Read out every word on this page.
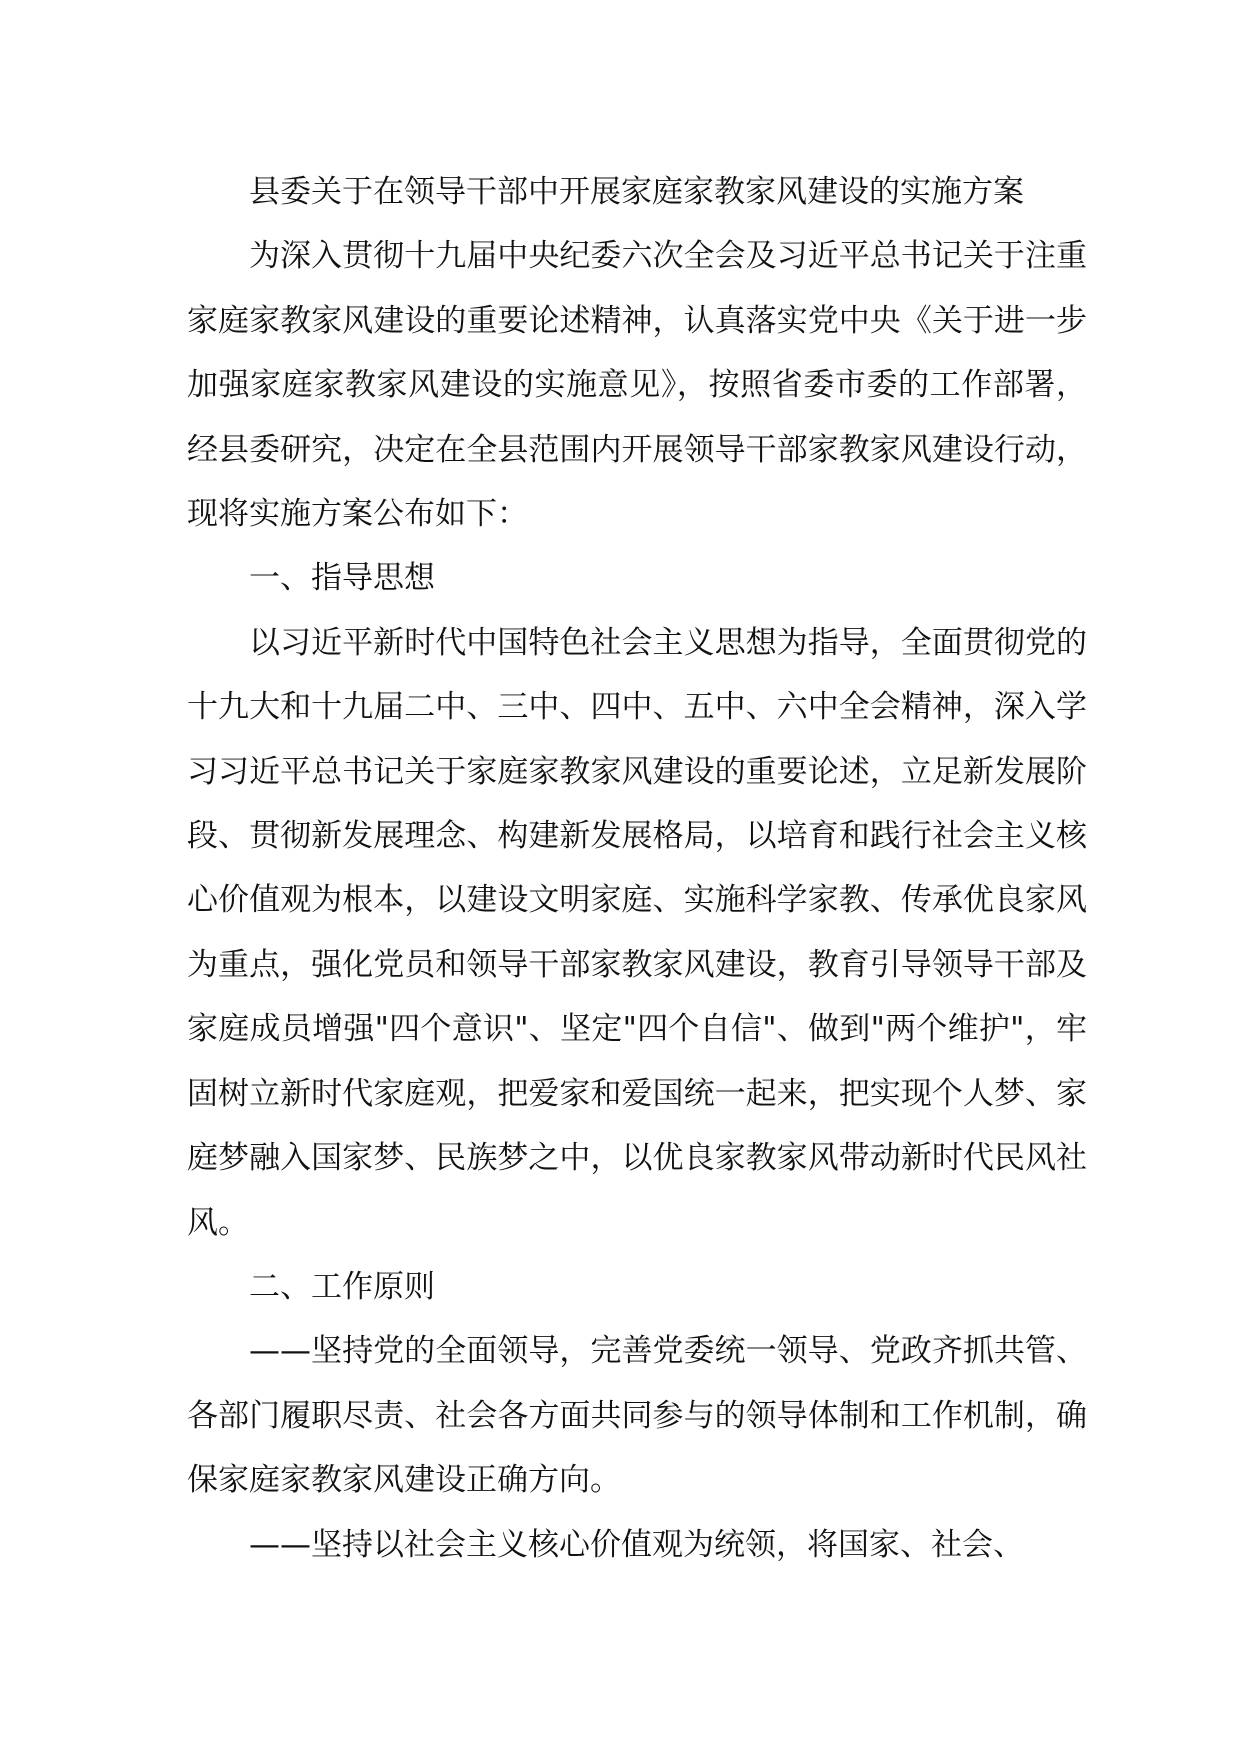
县委关于在领导干部中开展家庭家教家风建设的实施方案

为深入贯彻十九届中央纪委六次全会及习近平总书记关于注重家庭家教家风建设的重要论述精神，认真落实党中央《关于进一步加强家庭家教家风建设的实施意见》，按照省委市委的工作部署，经县委研究，决定在全县范围内开展领导干部家教家风建设行动，现将实施方案公布如下：

一、指导思想

以习近平新时代中国特色社会主义思想为指导，全面贯彻党的十九大和十九届二中、三中、四中、五中、六中全会精神，深入学习习近平总书记关于家庭家教家风建设的重要论述，立足新发展阶段、贯彻新发展理念、构建新发展格局，以培育和践行社会主义核心价值观为根本，以建设文明家庭、实施科学家教、传承优良家风为重点，强化党员和领导干部家教家风建设，教育引导领导干部及家庭成员增强"四个意识"、坚定"四个自信"、做到"两个维护"，牢固树立新时代家庭观，把爱家和爱国统一起来，把实现个人梦、家庭梦融入国家梦、民族梦之中，以优良家教家风带动新时代民风社风。

二、工作原则

——坚持党的全面领导，完善党委统一领导、党政齐抓共管、各部门履职尽责、社会各方面共同参与的领导体制和工作机制，确保家庭家教家风建设正确方向。

——坚持以社会主义核心价值观为统领，将国家、社会、
